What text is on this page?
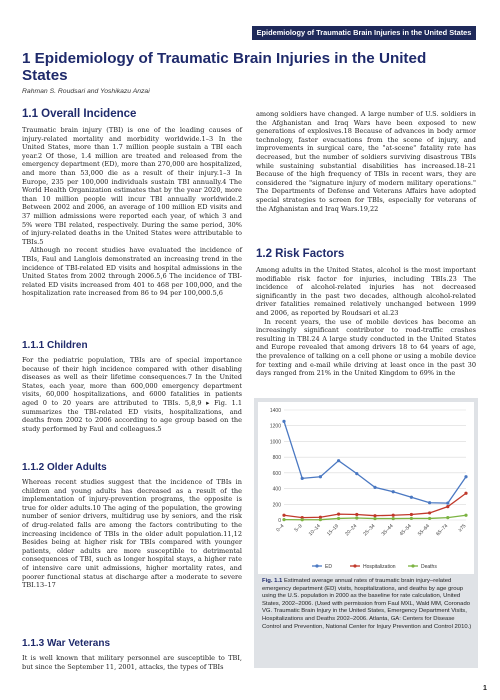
Epidemiology of Traumatic Brain Injuries in the United States
1 Epidemiology of Traumatic Brain Injuries in the United States
Rahman S. Roudsari and Yoshikazu Anzai
1.1 Overall Incidence

Traumatic brain injury (TBI) is one of the leading causes of injury-related mortality and morbidity worldwide.1–3 In the United States, more than 1.7 million people sustain a TBI each year.2 Of those, 1.4 million are treated and released from the emergency department (ED), more than 270,000 are hospitalized, and more than 53,000 die as a result of their injury.1–3 In Europe, 235 per 100,000 individuals sustain TBI annually.4 The World Health Organization estimates that by the year 2020, more than 10 million people will incur TBI annually worldwide.2 Between 2002 and 2006, an average of 100 million ED visits and 37 million admissions were reported each year, of which 3 and 5% were TBI related, respectively. During the same period, 30% of injury-related deaths in the United States were attributable to TBIs.5

Although no recent studies have evaluated the incidence of TBIs, Faul and Langlois demonstrated an increasing trend in the incidence of TBI-related ED visits and hospital admissions in the United States from 2002 through 2006.5,6 The incidence of TBI-related ED visits increased from 401 to 468 per 100,000, and the hospitalization rate increased from 86 to 94 per 100,000.5,6

1.1.1 Children

For the pediatric population, TBIs are of special importance because of their high incidence compared with other disabling diseases as well as their lifetime consequences.7 In the United States, each year, more than 600,000 emergency department visits, 60,000 hospitalizations, and 6000 fatalities in patients aged 0 to 20 years are attributed to TBIs. 5,8,9 ▸ Fig. 1.1 summarizes the TBI-related ED visits, hospitalizations, and deaths from 2002 to 2006 according to age group based on the study performed by Faul and colleagues.5

1.1.2 Older Adults

Whereas recent studies suggest that the incidence of TBIs in children and young adults has decreased as a result of the implementation of injury-prevention programs, the opposite is true for older adults.10 The aging of the population, the growing number of senior drivers, multidrug use by seniors, and the risk of drug-related falls are among the factors contributing to the increasing incidence of TBIs in the older adult population.11,12 Besides being at higher risk for TBIs compared with younger patients, older adults are more susceptible to detrimental consequences of TBI, such as longer hospital stays, a higher rate of intensive care unit admissions, higher mortality rates, and poorer functional status at discharge after a moderate to severe TBI.13–17

1.1.3 War Veterans

It is well known that military personnel are susceptible to TBI, but since the September 11, 2001, attacks, the types of TBIs

among soldiers have changed. A large number of U.S. soldiers in the Afghanistan and Iraq Wars have been exposed to new generations of explosives.18 Because of advances in body armor technology, faster evacuations from the scene of injury, and improvements in surgical care, the "at-scene" fatality rate has decreased, but the number of soldiers surviving disastrous TBIs while sustaining substantial disabilities has increased.18–21 Because of the high frequency of TBIs in recent wars, they are considered the "signature injury of modern military operations." The Departments of Defense and Veterans Affairs have adopted special strategies to screen for TBIs, especially for veterans of the Afghanistan and Iraq Wars.19,22

1.2 Risk Factors

Among adults in the United States, alcohol is the most important modifiable risk factor for injuries, including TBIs.23 The incidence of alcohol-related injuries has not decreased significantly in the past two decades, although alcohol-related driver fatalities remained relatively unchanged between 1999 and 2006, as reported by Roudsari et al.23

In recent years, the use of mobile devices has become an increasingly significant contributor to road-traffic crashes resulting in TBI.24 A large study conducted in the United States and Europe revealed that among drivers 18 to 64 years of age, the prevalence of talking on a cell phone or using a mobile device for texting and e-mail while driving at least once in the past 30 days ranged from 21% in the United Kingdom to 69% in the

0
200
400
600
800
1000
1200
1400
0–4 5–9 10–14 15–19 20–24 25–34 35–44 45–54 55–64 65–74 ≥75
ED	Hospitalization	Deaths
Fig. 1.1 Estimated average annual rates of traumatic brain injury–related emergency department (ED) visits, hospitalizations, and deaths by age group using the U.S. population in 2000 as the baseline for rate calculation, United States, 2002–2006. (Used with permission from Faul MXL, Wald MM, Coronado VG. Traumatic Brain Injury in the United States, Emergency Department Visits, Hospitalizations and Deaths 2002–2006. Atlanta, GA: Centers for Disease Control and Prevention, National Center for Injury Prevention and Control 2010.)
1
